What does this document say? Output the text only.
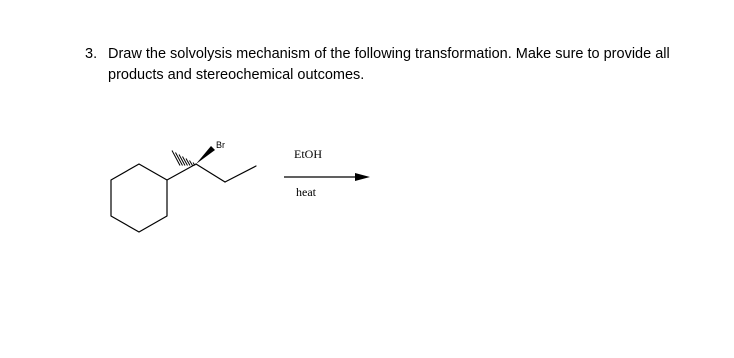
3. Draw the solvolysis mechanism of the following transformation. Make sure to provide all products and stereochemical outcomes.
Br
EtOH
heat
